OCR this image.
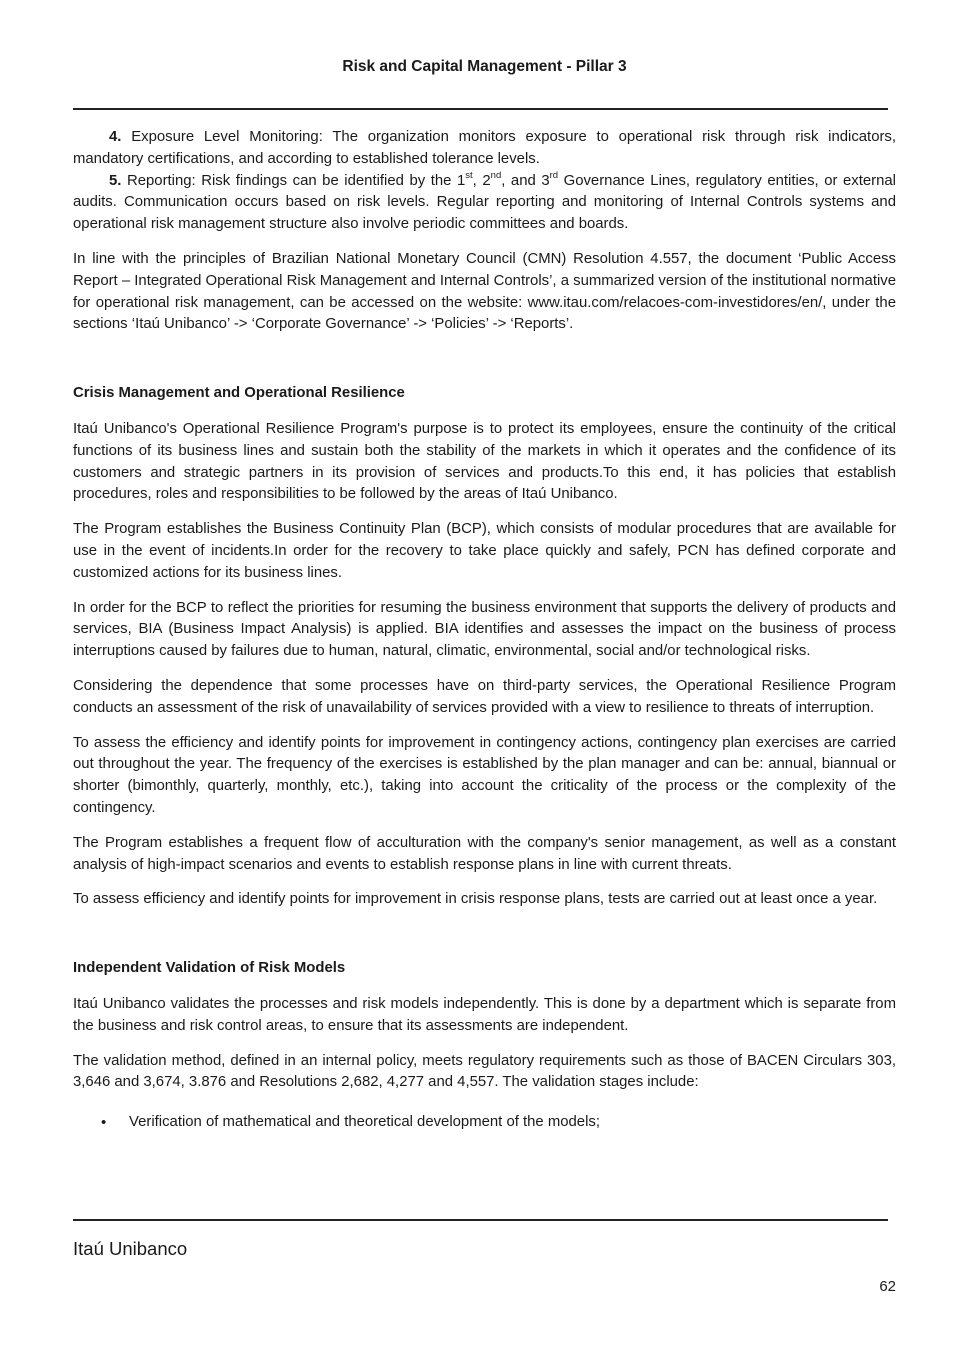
Risk and Capital Management - Pillar 3

4. Exposure Level Monitoring: The organization monitors exposure to operational risk through risk indicators, mandatory certifications, and according to established tolerance levels.

5. Reporting: Risk findings can be identified by the 1st, 2nd, and 3rd Governance Lines, regulatory entities, or external audits. Communication occurs based on risk levels. Regular reporting and monitoring of Internal Controls systems and operational risk management structure also involve periodic committees and boards.

In line with the principles of Brazilian National Monetary Council (CMN) Resolution 4.557, the document ‘Public Access Report – Integrated Operational Risk Management and Internal Controls’, a summarized version of the institutional normative for operational risk management, can be accessed on the website: www.itau.com/relacoes-com-investidores/en/, under the sections ‘Itaú Unibanco’ -> ‘Corporate Governance’ -> ‘Policies’ -> ‘Reports’.

Crisis Management and Operational Resilience

Itaú Unibanco's Operational Resilience Program's purpose is to protect its employees, ensure the continuity of the critical functions of its business lines and sustain both the stability of the markets in which it operates and the confidence of its customers and strategic partners in its provision of services and products.To this end, it has policies that establish procedures, roles and responsibilities to be followed by the areas of Itaú Unibanco.

The Program establishes the Business Continuity Plan (BCP), which consists of modular procedures that are available for use in the event of incidents.In order for the recovery to take place quickly and safely, PCN has defined corporate and customized actions for its business lines.

In order for the BCP to reflect the priorities for resuming the business environment that supports the delivery of products and services, BIA (Business Impact Analysis) is applied. BIA identifies and assesses the impact on the business of process interruptions caused by failures due to human, natural, climatic, environmental, social and/or technological risks.

Considering the dependence that some processes have on third-party services, the Operational Resilience Program conducts an assessment of the risk of unavailability of services provided with a view to resilience to threats of interruption.

To assess the efficiency and identify points for improvement in contingency actions, contingency plan exercises are carried out throughout the year. The frequency of the exercises is established by the plan manager and can be: annual, biannual or shorter (bimonthly, quarterly, monthly, etc.), taking into account the criticality of the process or the complexity of the contingency.

The Program establishes a frequent flow of acculturation with the company's senior management, as well as a constant analysis of high-impact scenarios and events to establish response plans in line with current threats.

To assess efficiency and identify points for improvement in crisis response plans, tests are carried out at least once a year.

Independent Validation of Risk Models

Itaú Unibanco validates the processes and risk models independently. This is done by a department which is separate from the business and risk control areas, to ensure that its assessments are independent.

The validation method, defined in an internal policy, meets regulatory requirements such as those of BACEN Circulars 303, 3,646 and 3,674, 3.876 and Resolutions 2,682, 4,277 and 4,557. The validation stages include:

• Verification of mathematical and theoretical development of the models;
Itaú Unibanco
62
